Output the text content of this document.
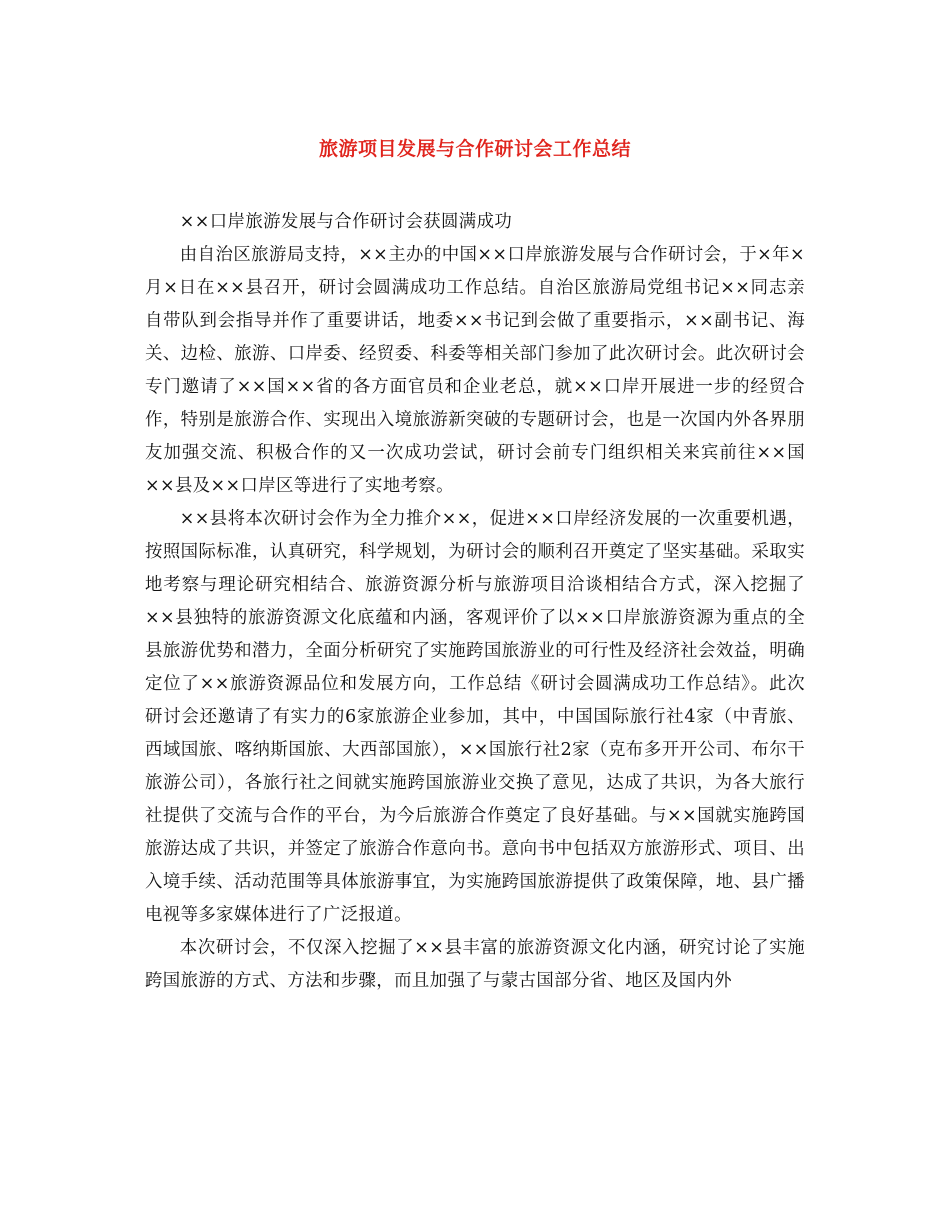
旅游项目发展与合作研讨会工作总结

××口岸旅游发展与合作研讨会获圆满成功

由自治区旅游局支持，××主办的中国××口岸旅游发展与合作研讨会，于×年×月×日在××县召开，研讨会圆满成功工作总结。自治区旅游局党组书记××同志亲自带队到会指导并作了重要讲话，地委××书记到会做了重要指示，××副书记、海关、边检、旅游、口岸委、经贸委、科委等相关部门参加了此次研讨会。此次研讨会专门邀请了××国××省的各方面官员和企业老总，就××口岸开展进一步的经贸合作，特别是旅游合作、实现出入境旅游新突破的专题研讨会，也是一次国内外各界朋友加强交流、积极合作的又一次成功尝试，研讨会前专门组织相关来宾前往××国××县及××口岸区等进行了实地考察。

××县将本次研讨会作为全力推介××，促进××口岸经济发展的一次重要机遇，按照国际标准，认真研究，科学规划，为研讨会的顺利召开奠定了坚实基础。采取实地考察与理论研究相结合、旅游资源分析与旅游项目洽谈相结合方式，深入挖掘了××县独特的旅游资源文化底蕴和内涵，客观评价了以××口岸旅游资源为重点的全县旅游优势和潜力，全面分析研究了实施跨国旅游业的可行性及经济社会效益，明确定位了××旅游资源品位和发展方向，工作总结《研讨会圆满成功工作总结》。此次研讨会还邀请了有实力的6家旅游企业参加，其中，中国国际旅行社4家（中青旅、西域国旅、喀纳斯国旅、大西部国旅），××国旅行社2家（克布多开开公司、布尔干旅游公司），各旅行社之间就实施跨国旅游业交换了意见，达成了共识，为各大旅行社提供了交流与合作的平台，为今后旅游合作奠定了良好基础。与××国就实施跨国旅游达成了共识，并签定了旅游合作意向书。意向书中包括双方旅游形式、项目、出入境手续、活动范围等具体旅游事宜，为实施跨国旅游提供了政策保障，地、县广播电视等多家媒体进行了广泛报道。

本次研讨会，不仅深入挖掘了××县丰富的旅游资源文化内涵，研究讨论了实施跨国旅游的方式、方法和步骤，而且加强了与蒙古国部分省、地区及国内外
